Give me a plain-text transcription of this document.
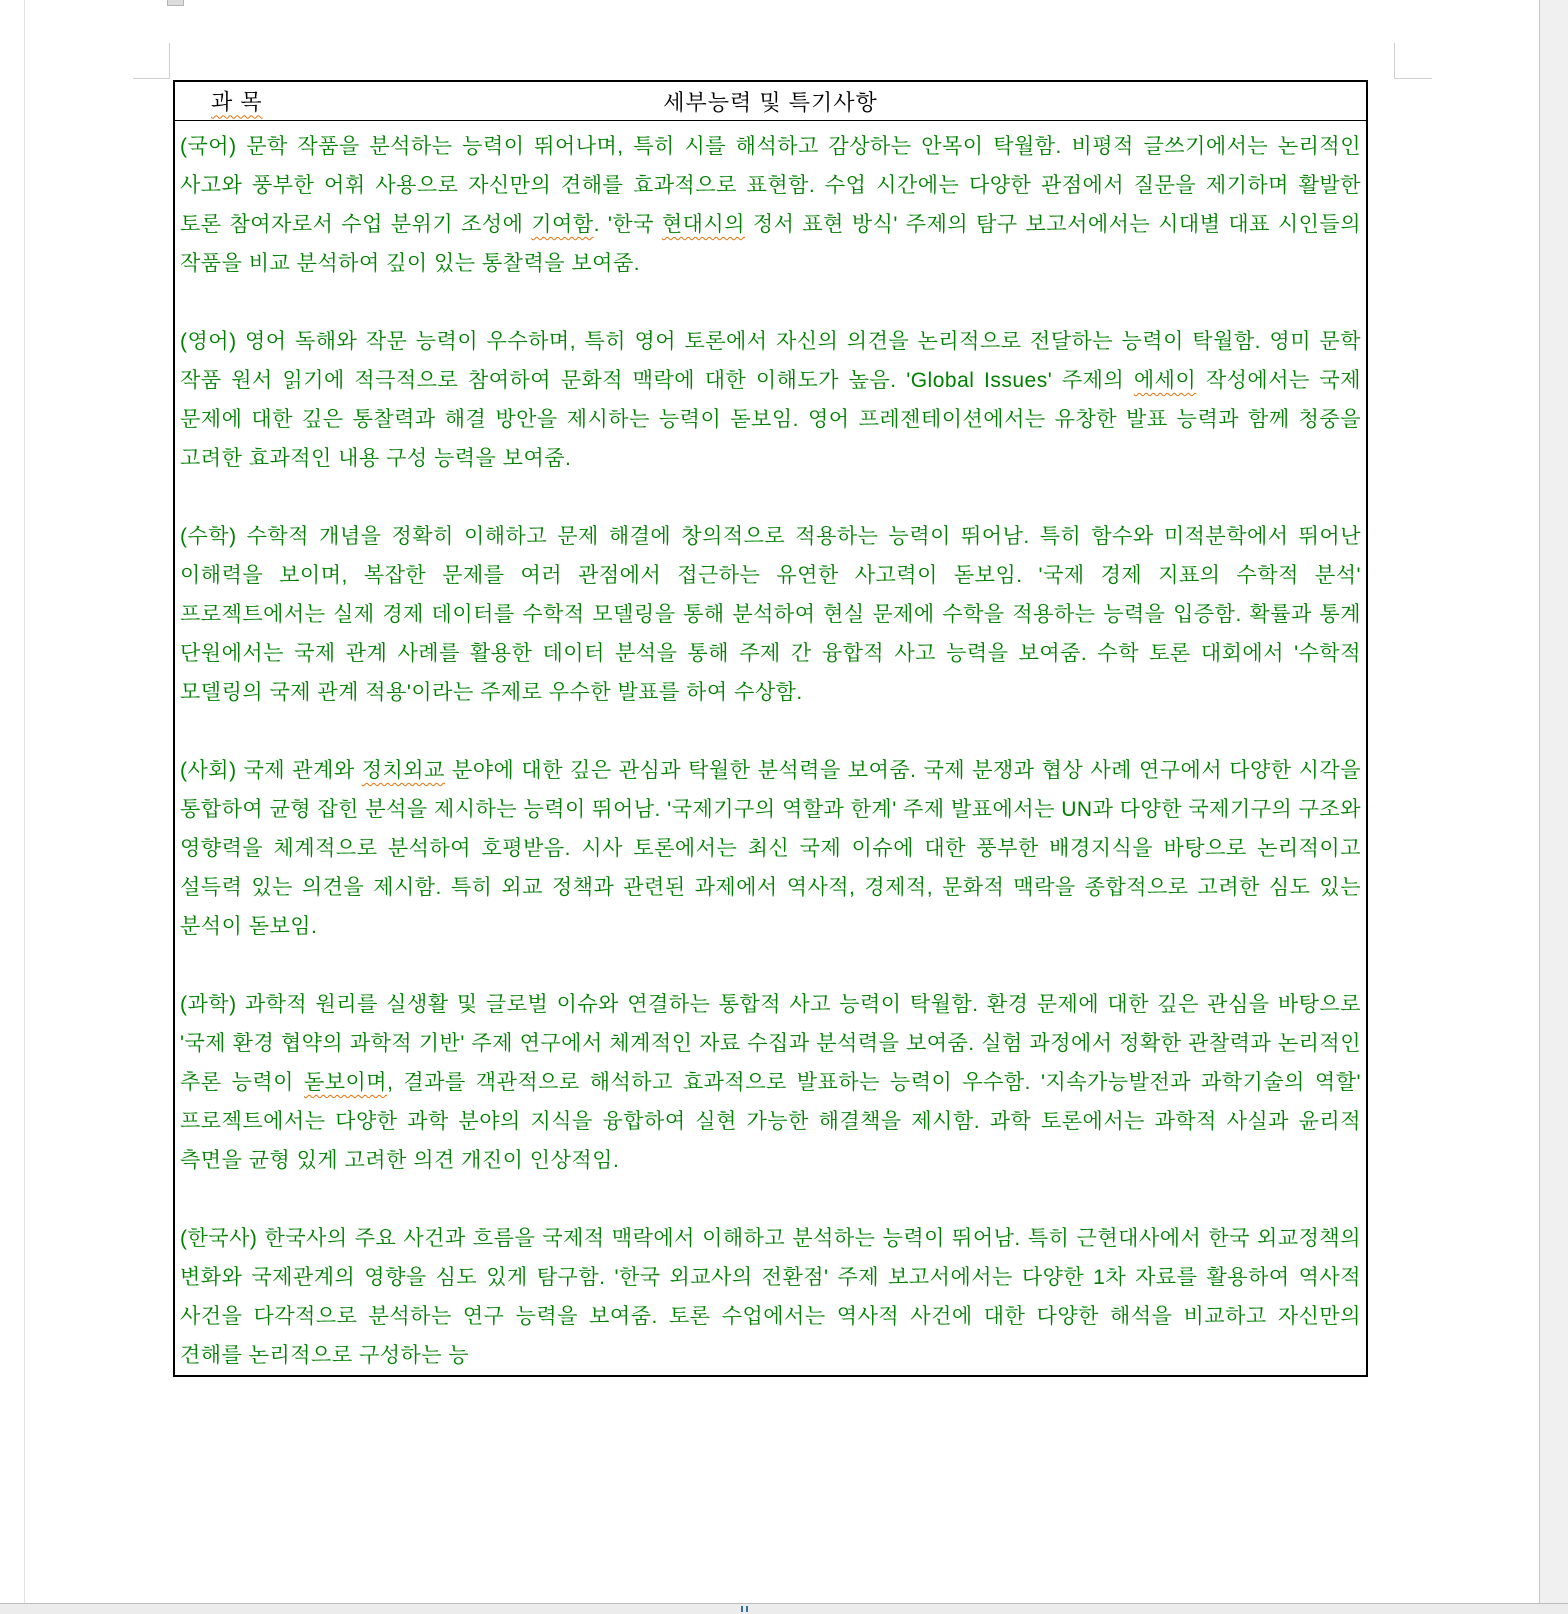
과 목	세부능력 및 특기사항

(국어) 문학 작품을 분석하는 능력이 뛰어나며, 특히 시를 해석하고 감상하는 안목이 탁월함. 비평적 글쓰기에서는 논리적인 사고와 풍부한 어휘 사용으로 자신만의 견해를 효과적으로 표현함. 수업 시간에는 다양한 관점에서 질문을 제기하며 활발한 토론 참여자로서 수업 분위기 조성에 기여함. '한국 현대시의 정서 표현 방식' 주제의 탐구 보고서에서는 시대별 대표 시인들의 작품을 비교 분석하여 깊이 있는 통찰력을 보여줌.

(영어) 영어 독해와 작문 능력이 우수하며, 특히 영어 토론에서 자신의 의견을 논리적으로 전달하는 능력이 탁월함. 영미 문학 작품 원서 읽기에 적극적으로 참여하여 문화적 맥락에 대한 이해도가 높음. 'Global Issues' 주제의 에세이 작성에서는 국제 문제에 대한 깊은 통찰력과 해결 방안을 제시하는 능력이 돋보임. 영어 프레젠테이션에서는 유창한 발표 능력과 함께 청중을 고려한 효과적인 내용 구성 능력을 보여줌.

(수학) 수학적 개념을 정확히 이해하고 문제 해결에 창의적으로 적용하는 능력이 뛰어남. 특히 함수와 미적분학에서 뛰어난 이해력을 보이며, 복잡한 문제를 여러 관점에서 접근하는 유연한 사고력이 돋보임. '국제 경제 지표의 수학적 분석' 프로젝트에서는 실제 경제 데이터를 수학적 모델링을 통해 분석하여 현실 문제에 수학을 적용하는 능력을 입증함. 확률과 통계 단원에서는 국제 관계 사례를 활용한 데이터 분석을 통해 주제 간 융합적 사고 능력을 보여줌. 수학 토론 대회에서 '수학적 모델링의 국제 관계 적용'이라는 주제로 우수한 발표를 하여 수상함.

(사회) 국제 관계와 정치외교 분야에 대한 깊은 관심과 탁월한 분석력을 보여줌. 국제 분쟁과 협상 사례 연구에서 다양한 시각을 통합하여 균형 잡힌 분석을 제시하는 능력이 뛰어남. '국제기구의 역할과 한계' 주제 발표에서는 UN과 다양한 국제기구의 구조와 영향력을 체계적으로 분석하여 호평받음. 시사 토론에서는 최신 국제 이슈에 대한 풍부한 배경지식을 바탕으로 논리적이고 설득력 있는 의견을 제시함. 특히 외교 정책과 관련된 과제에서 역사적, 경제적, 문화적 맥락을 종합적으로 고려한 심도 있는 분석이 돋보임.

(과학) 과학적 원리를 실생활 및 글로벌 이슈와 연결하는 통합적 사고 능력이 탁월함. 환경 문제에 대한 깊은 관심을 바탕으로 '국제 환경 협약의 과학적 기반' 주제 연구에서 체계적인 자료 수집과 분석력을 보여줌. 실험 과정에서 정확한 관찰력과 논리적인 추론 능력이 돋보이며, 결과를 객관적으로 해석하고 효과적으로 발표하는 능력이 우수함. '지속가능발전과 과학기술의 역할' 프로젝트에서는 다양한 과학 분야의 지식을 융합하여 실현 가능한 해결책을 제시함. 과학 토론에서는 과학적 사실과 윤리적 측면을 균형 있게 고려한 의견 개진이 인상적임.

(한국사) 한국사의 주요 사건과 흐름을 국제적 맥락에서 이해하고 분석하는 능력이 뛰어남. 특히 근현대사에서 한국 외교정책의 변화와 국제관계의 영향을 심도 있게 탐구함. '한국 외교사의 전환점' 주제 보고서에서는 다양한 1차 자료를 활용하여 역사적 사건을 다각적으로 분석하는 연구 능력을 보여줌. 토론 수업에서는 역사적 사건에 대한 다양한 해석을 비교하고 자신만의 견해를 논리적으로 구성하는 능
